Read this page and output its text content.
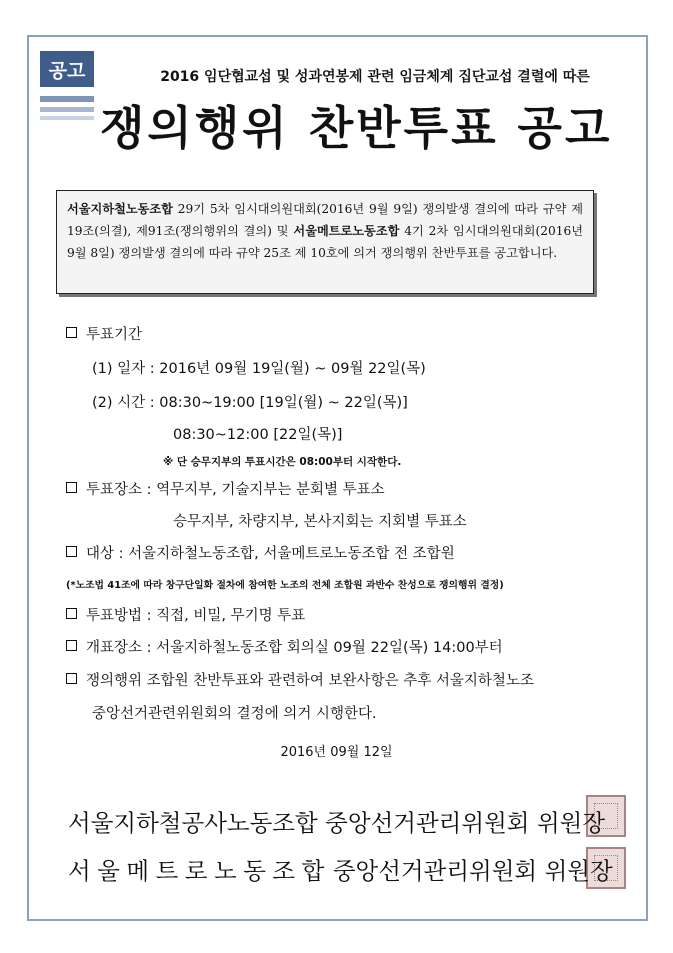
공고	2016 임단협교섭 및 성과연봉제 관련 임금체계 집단교섭 결렬에 따른
쟁의행위 찬반투표 공고
서울지하철노동조합 29기 5차 임시대의원대회(2016년 9월 9일) 쟁의발생 결의에 따라 규약 제19조(의결), 제91조(쟁의행위의 결의) 및 서울메트로노동조합 4기 2차 임시대의원대회(2016년 9월 8일) 쟁의발생 결의에 따라 규약 25조 제 10호에 의거 쟁의행위 찬반투표를 공고합니다.
투표기간
(1) 일자 : 2016년 09월 19일(월) ~ 09월 22일(목)
(2) 시간 : 08:30~19:00 [19일(월) ~ 22일(목)]
08:30~12:00 [22일(목)]
※ 단 승무지부의 투표시간은 08:00부터 시작한다.
투표장소 : 역무지부, 기술지부는 분회별 투표소
승무지부, 차량지부, 본사지회는 지회별 투표소
대상 : 서울지하철노동조합, 서울메트로노동조합 전 조합원
(*노조법 41조에 따라 창구단일화 절차에 참여한 노조의 전체 조합원 과반수 찬성으로 쟁의행위 결정)
투표방법 : 직접, 비밀, 무기명 투표
개표장소 : 서울지하철노동조합 회의실 09월 22일(목) 14:00부터
쟁의행위 조합원 찬반투표와 관련하여 보완사항은 추후 서울지하철노조
중앙선거관련위원회의 결정에 의거 시행한다.
2016년 09월 12일
서울지하철공사노동조합 중앙선거관리위원회 위원장
서울메트로노동조합중앙선거관리위원회 위원장
